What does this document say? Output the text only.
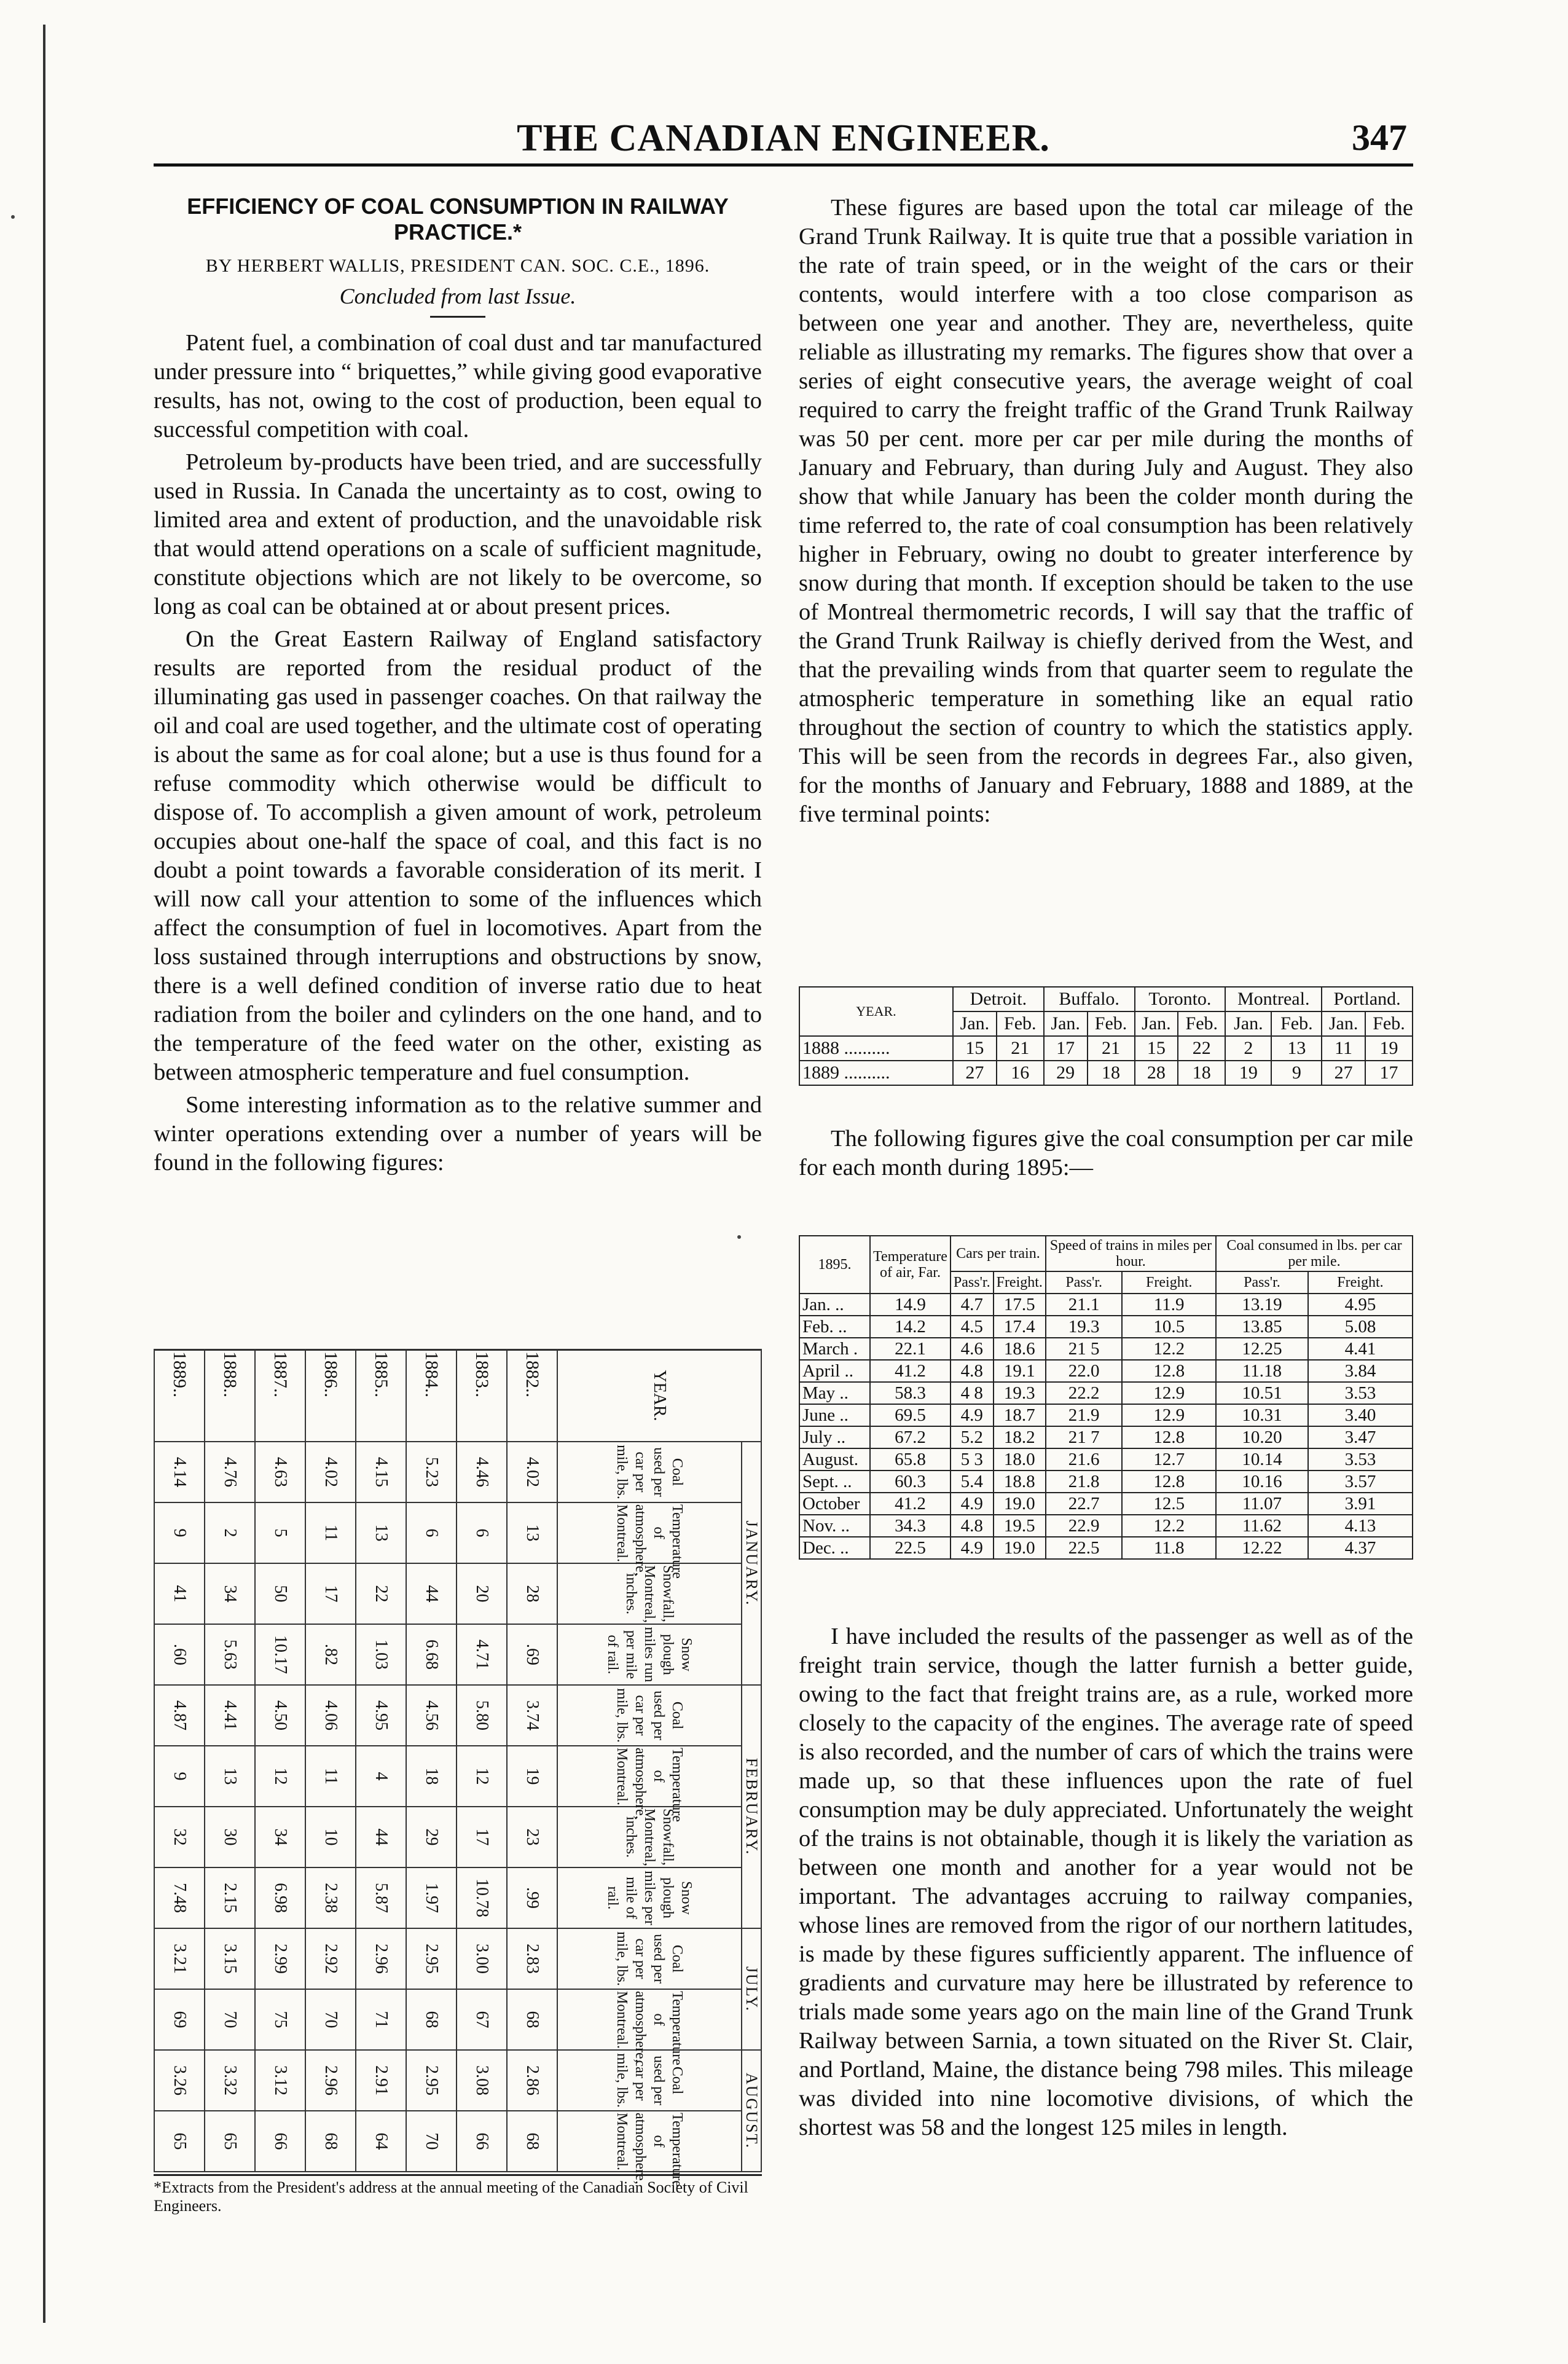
THE CANADIAN ENGINEER.	347
EFFICIENCY OF COAL CONSUMPTION IN RAILWAY PRACTICE.*

BY HERBERT WALLIS, PRESIDENT CAN. SOC. C.E., 1896.

Concluded from last Issue.

Patent fuel, a combination of coal dust and tar manufactured under pressure into “ briquettes,” while giving good evaporative results, has not, owing to the cost of production, been equal to successful competition with coal.

Petroleum by-products have been tried, and are successfully used in Russia. In Canada the uncertainty as to cost, owing to limited area and extent of production, and the unavoidable risk that would attend operations on a scale of sufficient magnitude, constitute objections which are not likely to be overcome, so long as coal can be obtained at or about present prices.

On the Great Eastern Railway of England satisfactory results are reported from the residual product of the illuminating gas used in passenger coaches. On that railway the oil and coal are used together, and the ultimate cost of operating is about the same as for coal alone; but a use is thus found for a refuse commodity which otherwise would be difficult to dispose of. To accomplish a given amount of work, petroleum occupies about one-half the space of coal, and this fact is no doubt a point towards a favorable consideration of its merit. I will now call your attention to some of the influences which affect the consumption of fuel in locomotives. Apart from the loss sustained through interruptions and obstructions by snow, there is a well defined condition of inverse ratio due to heat radiation from the boiler and cylinders on the one hand, and to the temperature of the feed water on the other, existing as between atmospheric temperature and fuel consumption.

Some interesting information as to the relative summer and winter operations extending over a number of years will be found in the following figures:

YEAR.	JANUARY.				FEBRUARY.				JULY.		AUGUST.	
	Coal used per car per mile, lbs.	Temperature of atmosphere, Montreal.	Snowfall, Montreal, inches.	Snow plough miles run per mile of rail.	Coal used per car per mile, lbs.	Temperature of atmosphere, Montreal.	Snowfall, Montreal, inches.	Snow plough miles per mile of rail.	Coal used per car per mile, lbs.	Temperature of atmosphere, Montreal.	Coal used per car per mile, lbs.	Temperature of atmosphere, Montreal.
1882..	4.02	13	28	.69	3.74	19	23	.99	2.83	68	2.86	68
1883..	4.46	6	20	4.71	5.80	12	17	10.78	3.00	67	3.08	66
1884..	5.23	6	44	6.68	4.56	18	29	1.97	2.95	68	2.95	70
1885..	4.15	13	22	1.03	4.95	4	44	5.87	2.96	71	2.91	64
1886..	4.02	11	17	.82	4.06	11	10	2.38	2.92	70	2.96	68
1887..	4.63	5	50	10.17	4.50	12	34	6.98	2.99	75	3.12	66
1888..	4.76	2	34	5.63	4.41	13	30	2.15	3.15	70	3.32	65
1889..	4.14	9	41	.60	4.87	9	32	7.48	3.21	69	3.26	65
*Extracts from the President's address at the annual meeting of the Canadian Society of Civil Engineers.

These figures are based upon the total car mileage of the Grand Trunk Railway. It is quite true that a possible variation in the rate of train speed, or in the weight of the cars or their contents, would interfere with a too close comparison as between one year and another. They are, nevertheless, quite reliable as illustrating my remarks. The figures show that over a series of eight consecutive years, the average weight of coal required to carry the freight traffic of the Grand Trunk Railway was 50 per cent. more per car per mile during the months of January and February, than during July and August. They also show that while January has been the colder month during the time referred to, the rate of coal consumption has been relatively higher in February, owing no doubt to greater interference by snow during that month. If exception should be taken to the use of Montreal thermometric records, I will say that the traffic of the Grand Trunk Railway is chiefly derived from the West, and that the prevailing winds from that quarter seem to regulate the atmospheric temperature in something like an equal ratio throughout the section of country to which the statistics apply. This will be seen from the records in degrees Far., also given, for the months of January and February, 1888 and 1889, at the five terminal points:

YEAR.	Detroit.		Buffalo.		Toronto.		Montreal.		Portland.	
	Jan.	Feb.	Jan.	Feb.	Jan.	Feb.	Jan.	Feb.	Jan.	Feb.
1888 ..........	15	21	17	21	15	22	2	13	11	19
1889 ..........	27	16	29	18	28	18	19	9	27	17

The following figures give the coal consumption per car mile for each month during 1895:—

1895.	Temperature of air, Far.	Cars per train.		Speed of trains in miles per hour.		Coal consumed in lbs. per car per mile.	
		Pass'r.	Freight.	Pass'r.	Freight.	Pass'r.	Freight.
Jan. ..	14.9	4.7	17.5	21.1	11.9	13.19	4.95
Feb. ..	14.2	4.5	17.4	19.3	10.5	13.85	5.08
March .	22.1	4.6	18.6	21 5	12.2	12.25	4.41
April ..	41.2	4.8	19.1	22.0	12.8	11.18	3.84
May ..	58.3	4 8	19.3	22.2	12.9	10.51	3.53
June ..	69.5	4.9	18.7	21.9	12.9	10.31	3.40
July ..	67.2	5.2	18.2	21 7	12.8	10.20	3.47
August.	65.8	5 3	18.0	21.6	12.7	10.14	3.53
Sept. ..	60.3	5.4	18.8	21.8	12.8	10.16	3.57
October	41.2	4.9	19.0	22.7	12.5	11.07	3.91
Nov. ..	34.3	4.8	19.5	22.9	12.2	11.62	4.13
Dec. ..	22.5	4.9	19.0	22.5	11.8	12.22	4.37

I have included the results of the passenger as well as of the freight train service, though the latter furnish a better guide, owing to the fact that freight trains are, as a rule, worked more closely to the capacity of the engines. The average rate of speed is also recorded, and the number of cars of which the trains were made up, so that these influences upon the rate of fuel consumption may be duly appreciated. Unfortunately the weight of the trains is not obtainable, though it is likely the variation as between one month and another for a year would not be important. The advantages accruing to railway companies, whose lines are removed from the rigor of our northern latitudes, is made by these figures sufficiently apparent. The influence of gradients and curvature may here be illustrated by reference to trials made some years ago on the main line of the Grand Trunk Railway between Sarnia, a town situated on the River St. Clair, and Portland, Maine, the distance being 798 miles. This mileage was divided into nine locomotive divisions, of which the shortest was 58 and the longest 125 miles in length.
